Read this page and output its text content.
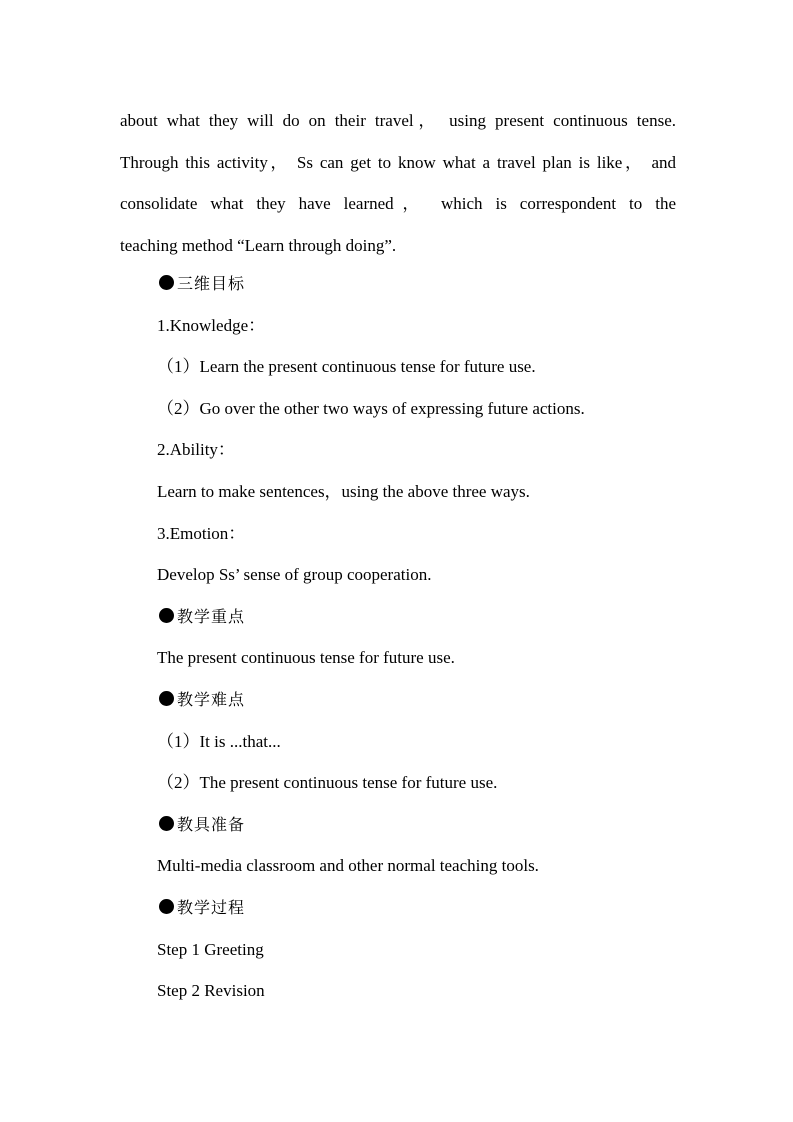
about what they will do on their travel， using present continuous tense.
Through this activity， Ss can get to know what a travel plan is like， and
consolidate what they have learned， which is correspondent to the
teaching method “Learn through doing”.
三维目标
1.Knowledge：
（1）Learn the present continuous tense for future use.
（2）Go over the other two ways of expressing future actions.
2.Ability：
Learn to make sentences，using the above three ways.
3.Emotion：
Develop Ss’ sense of group cooperation.
教学重点
The present continuous tense for future use.
教学难点
（1）It is ...that...
（2）The present continuous tense for future use.
教具准备
Multi-media classroom and other normal teaching tools.
教学过程
Step 1 Greeting
Step 2 Revision
